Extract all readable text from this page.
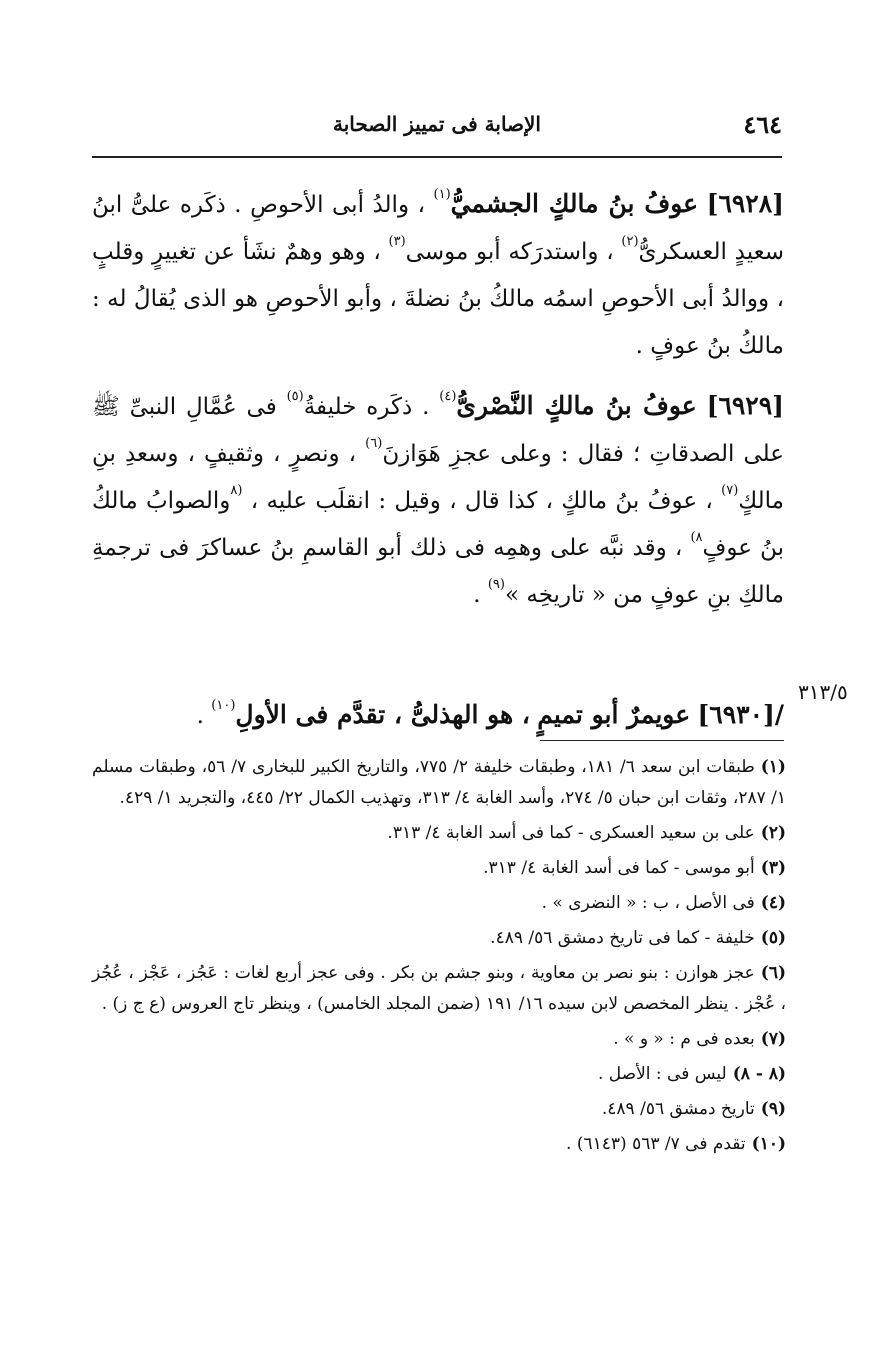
٤٦٤
الإصابة فى تمييز الصحابة

[٦٩٢٨] عوفُ بنُ مالكٍ الجشميُّ$^{(١)}$ ، والدُ أبى الأحوصِ . ذكَره علىُّ ابنُ سعيدٍ العسكرىُّ$^{(٢)}$ ، واستدرَكه أبو موسى$^{(٣)}$ ، وهو وهمٌ نشَأ عن تغييرٍ وقلبٍ ، ووالدُ أبى الأحوصِ اسمُه مالكُ بنُ نضلةَ ، وأبو الأحوصِ هو الذى يُقالُ له : مالكُ بنُ عوفٍ .

[٦٩٢٩] عوفُ بنُ مالكٍ النَّصْرىُّ$^{(٤)}$ . ذكَره خليفةُ$^{(٥)}$ فى عُمَّالِ النبىِّ ﷺ على الصدقاتِ ؛ فقال : وعلى عجزِ هَوَازنَ$^{(٦)}$ ، ونصرٍ ، وثقيفٍ ، وسعدِ بنِ مالكٍ$^{(٧)}$ ، عوفُ بنُ مالكٍ ، كذا قال ، وقيل : انقلَب عليه ، $^{(٨}$والصوابُ مالكُ بنُ عوفٍ$^{٨)}$ ، وقد نبَّه على وهمِه فى ذلك أبو القاسمِ بنُ عساكرَ فى ترجمةِ مالكِ بنِ عوفٍ من « تاريخِه »$^{(٩)}$ .

٣١٣/٥

/[٦٩٣٠] عويمرٌ أبو تميمٍ ، هو الهذلىُّ ، تقدَّم فى الأولِ$^{(١٠)}$ .

(١)طبقات ابن سعد ٦/ ١٨١، وطبقات خليفة ٢/ ٧٧٥، والتاريخ الكبير للبخارى ٧/ ٥٦، وطبقات مسلم ١/ ٢٨٧، وثقات ابن حبان ٥/ ٢٧٤، وأسد الغابة ٤/ ٣١٣، وتهذيب الكمال ٢٢/ ٤٤٥، والتجريد ١/ ٤٢٩.

(٢)على بن سعيد العسكرى - كما فى أسد الغابة ٤/ ٣١٣.

(٣)أبو موسى - كما فى أسد الغابة ٤/ ٣١٣.

(٤)فى الأصل ، ب : « النضرى » .

(٥)خليفة - كما فى تاريخ دمشق ٥٦/ ٤٨٩.

(٦)عجز هوازن : بنو نصر بن معاوية ، وبنو جشم بن بكر . وفى عجز أربع لغات : عَجُز ، عَجْز ، عُجُز ، عُجْز . ينظر المخصص لابن سيده ١٦/ ١٩١ (ضمن المجلد الخامس) ، وينظر تاج العروس (ع ج ز) .

(٧)بعده فى م : « و » .

(٨ - ٨)ليس فى : الأصل .

(٩)تاريخ دمشق ٥٦/ ٤٨٩.

(١٠)تقدم فى ٧/ ٥٦٣ (٦١٤٣) .
